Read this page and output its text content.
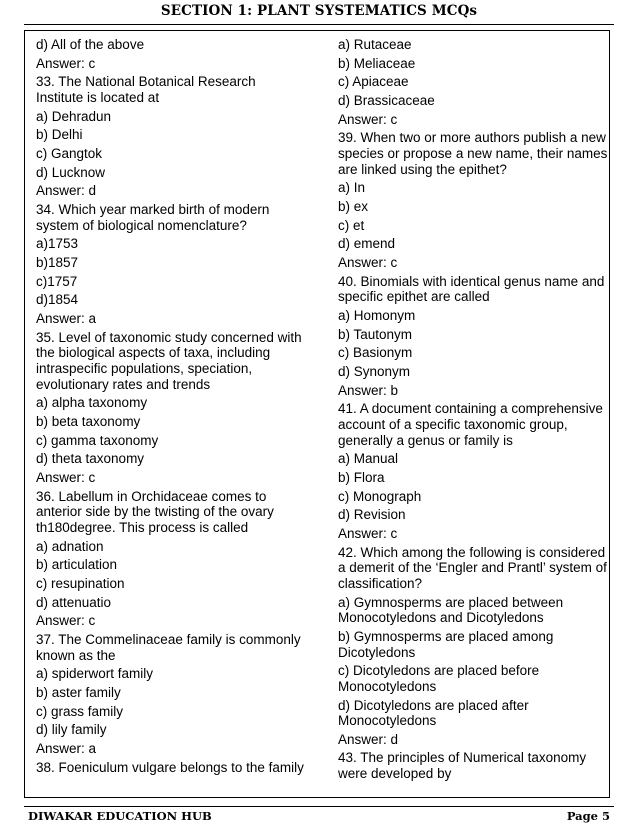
SECTION 1: PLANT SYSTEMATICS MCQs
d) All of the above
Answer: c
33. The National Botanical Research Institute is located at
a) Dehradun
b) Delhi
c) Gangtok
d) Lucknow
Answer: d
34. Which year marked birth of modern system of biological nomenclature?
a)1753
b)1857
c)1757
d)1854
Answer: a
35. Level of taxonomic study concerned with the biological aspects of taxa, including intraspecific populations, speciation, evolutionary rates and trends
a) alpha taxonomy
b) beta taxonomy
c) gamma taxonomy
d) theta taxonomy
Answer: c
36. Labellum in Orchidaceae comes to anterior side by the twisting of the ovary th180degree. This process is called
a) adnation
b) articulation
c) resupination
d) attenuatio
Answer: c
37. The Commelinaceae family is commonly known as the
a) spiderwort family
b) aster family
c) grass family
d) lily family
Answer: a
38. Foeniculum vulgare belongs to the family
a) Rutaceae
b) Meliaceae
c) Apiaceae
d) Brassicaceae
Answer: c
39. When two or more authors publish a new species or propose a new name, their names are linked using the epithet?
a) In
b) ex
c) et
d) emend
Answer: c
40. Binomials with identical genus name and specific epithet are called
a) Homonym
b) Tautonym
c) Basionym
d) Synonym
Answer: b
41. A document containing a comprehensive account of a specific taxonomic group, generally a genus or family is
a) Manual
b) Flora
c) Monograph
d) Revision
Answer: c
42. Which among the following is considered a demerit of the ‘Engler and Prantl’ system of classification?
a) Gymnosperms are placed between Monocotyledons and Dicotyledons
b) Gymnosperms are placed among Dicotyledons
c) Dicotyledons are placed before Monocotyledons
d) Dicotyledons are placed after Monocotyledons
Answer: d
43. The principles of Numerical taxonomy were developed by
DIWAKAR EDUCATION HUB	Page 5
